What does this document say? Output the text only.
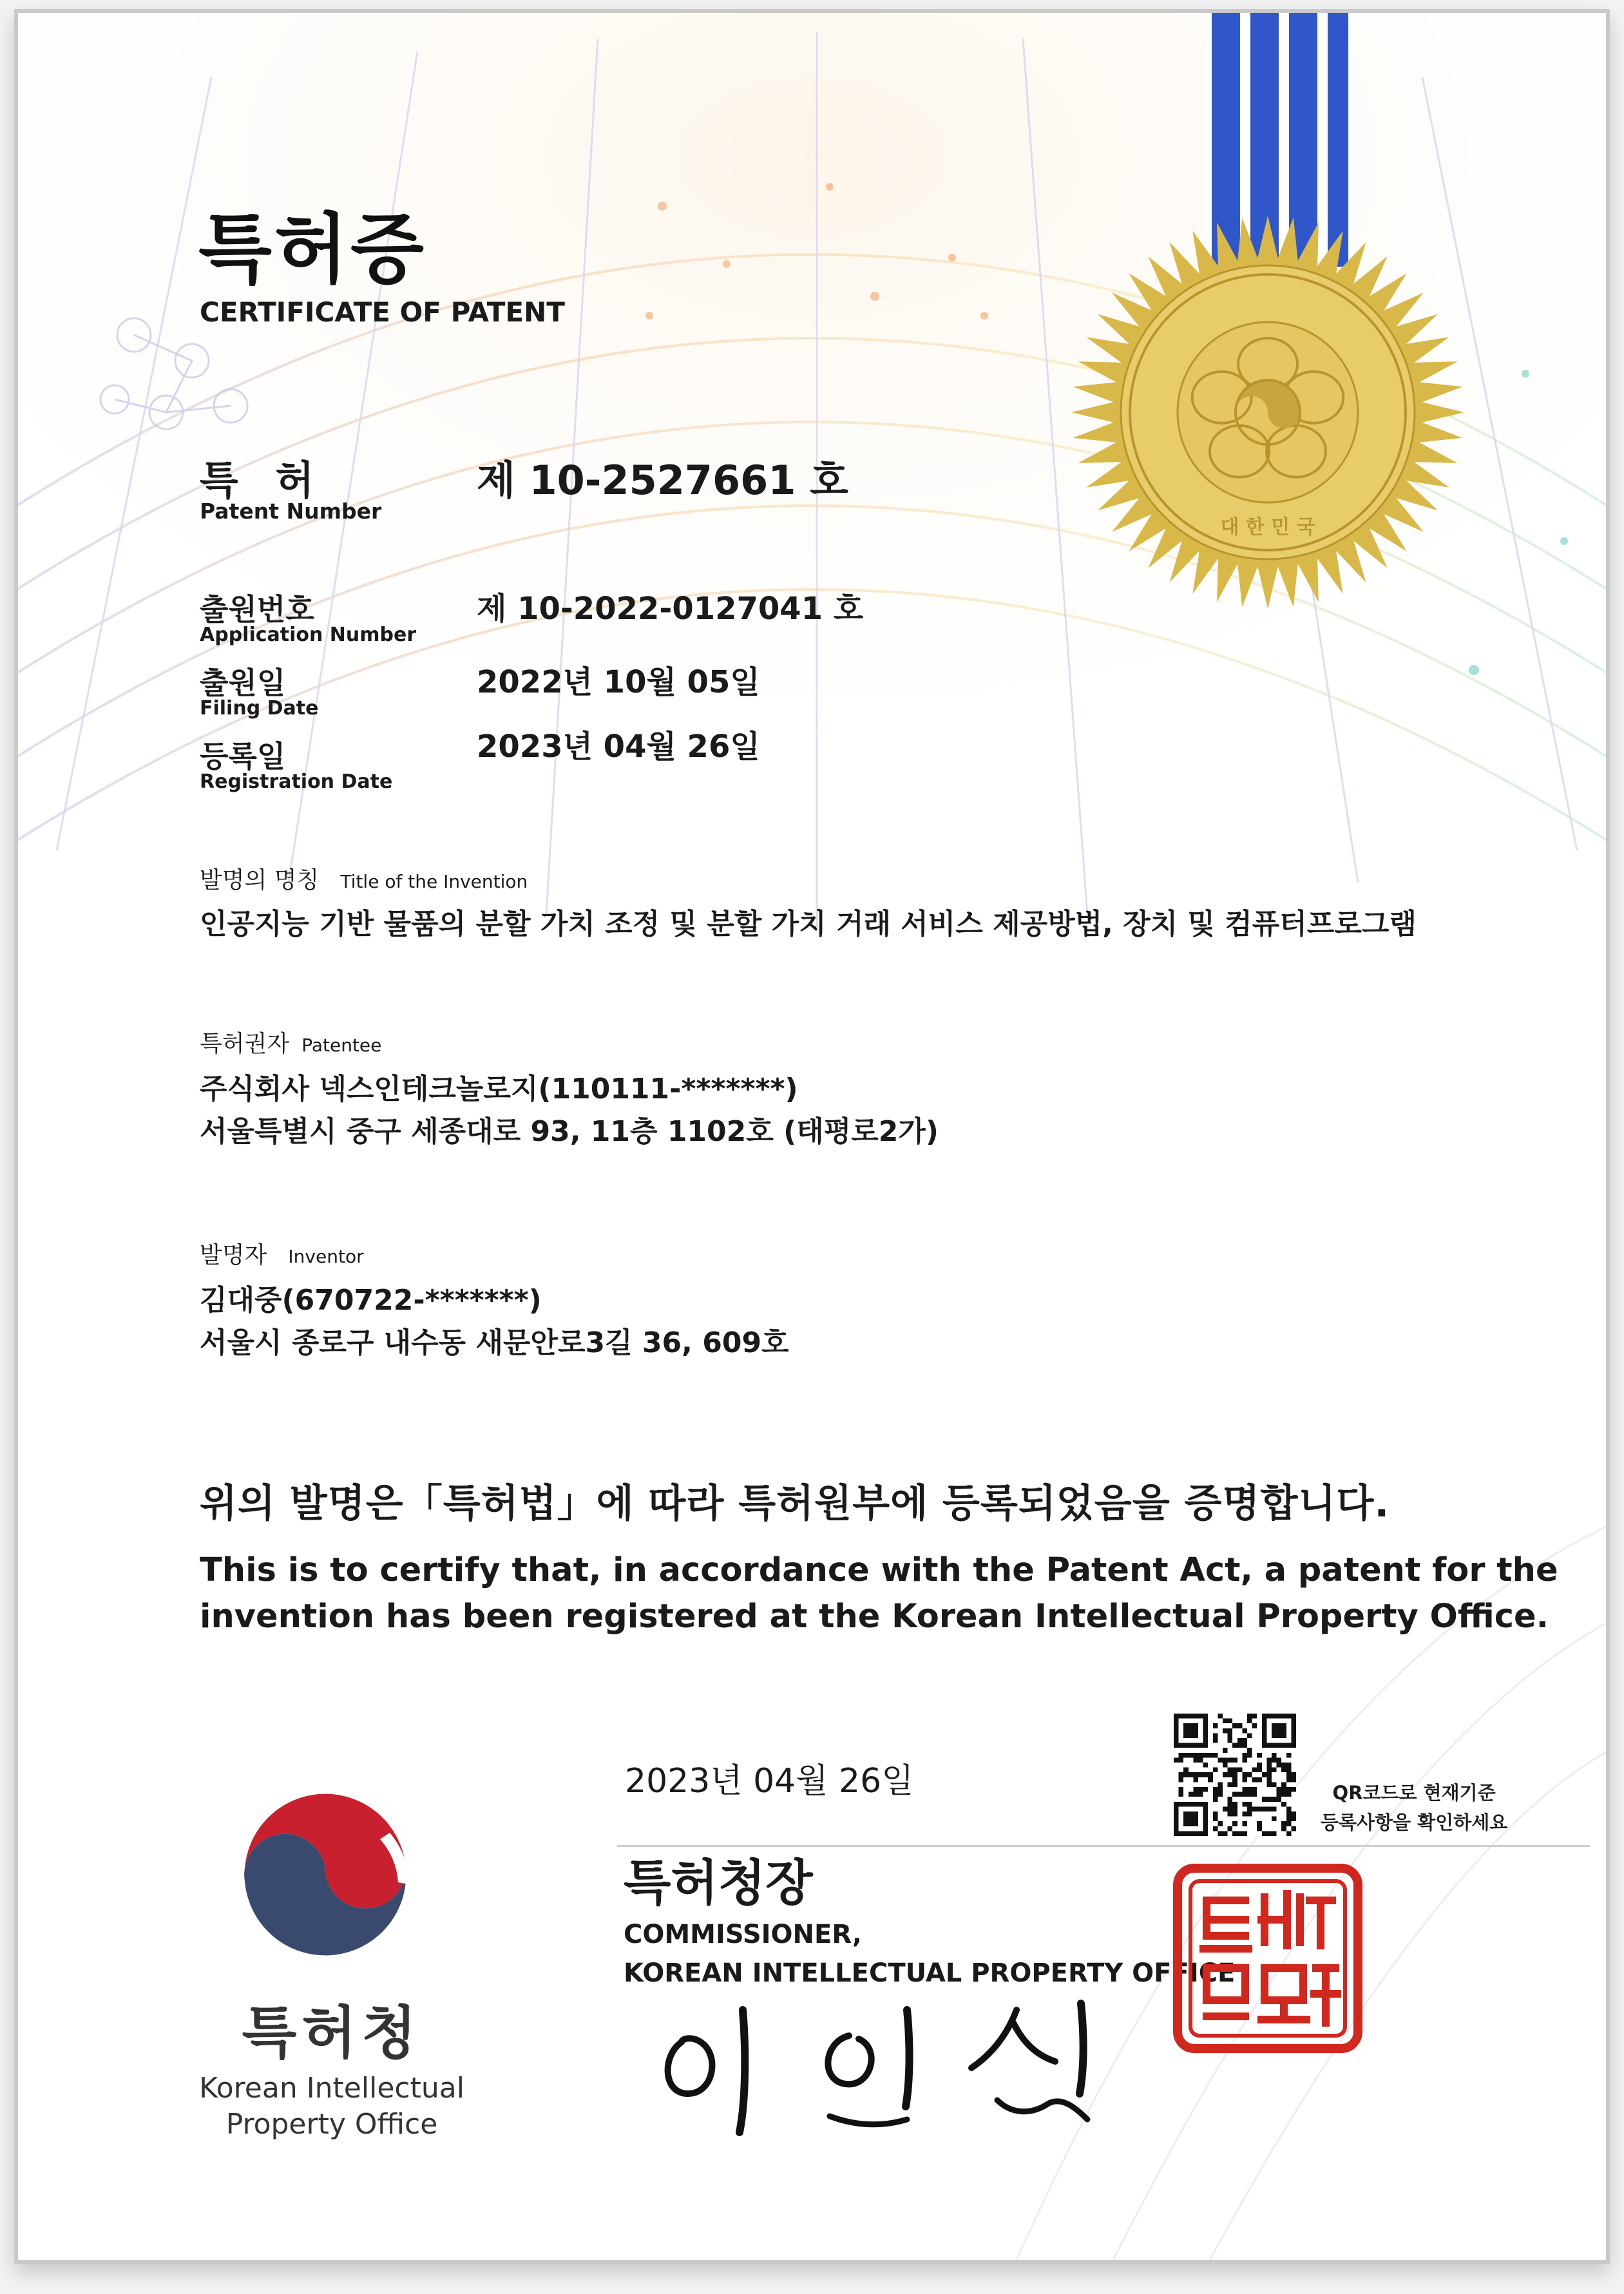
대 한 민 국
특허증
CERTIFICATE OF PATENT
특 허
Patent Number
제 10-2527661 호
출원번호
Application Number
제 10-2022-0127041 호
출원일
Filing Date
2022년 10월 05일
등록일
Registration Date
2023년 04월 26일
발명의 명칭 Title of the Invention
인공지능 기반 물품의 분할 가치 조정 및 분할 가치 거래 서비스 제공방법, 장치 및 컴퓨터프로그램
특허권자 Patentee
주식회사 넥스인테크놀로지(110111-*******)
서울특별시 중구 세종대로 93, 11층 1102호 (태평로2가)
발명자 Inventor
김대중(670722-*******)
서울시 종로구 내수동 새문안로3길 36, 609호
위의 발명은「특허법」에 따라 특허원부에 등록되었음을 증명합니다.
This is to certify that, in accordance with the Patent Act, a patent for the
invention has been registered at the Korean Intellectual Property Office.
2023년 04월 26일
특허청장
COMMISSIONER,
KOREAN INTELLECTUAL PROPERTY OFFICE
QR코드로 현재기준
등록사항을 확인하세요
특허청
Korean Intellectual
Property Office
